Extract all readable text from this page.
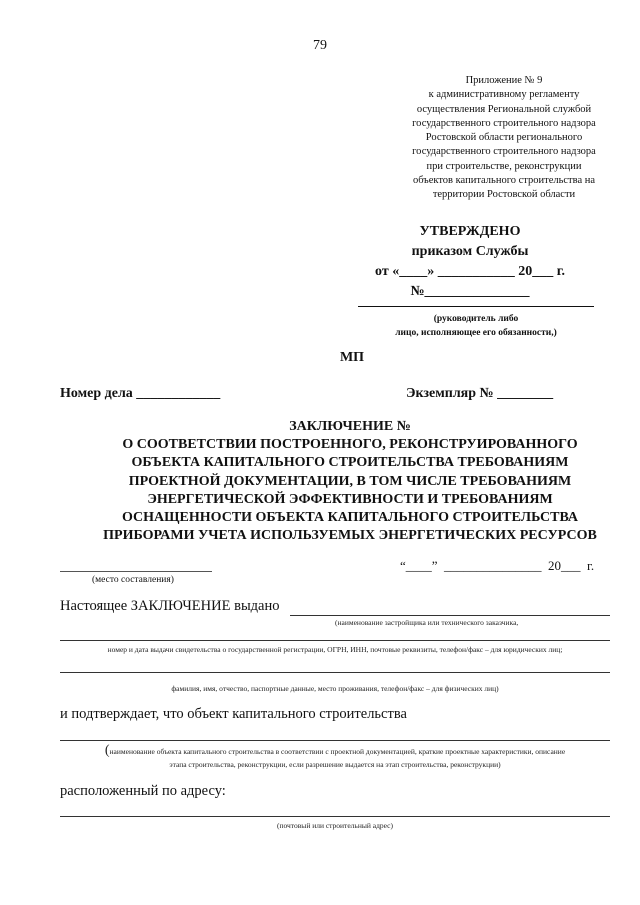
79
Приложение № 9
к административному регламенту
осуществления Региональной службой
государственного строительного надзора
Ростовской области регионального
государственного строительного надзора
при строительстве, реконструкции
объектов капитального строительства на
территории Ростовской области
УТВЕРЖДЕНО
приказом Службы
от «____» ___________ 20___ г.
№_______________
(руководитель либо
лицо, исполняющее его обязанности,)
МП
Номер дела ____________	Экземпляр № ________
ЗАКЛЮЧЕНИЕ №
О СООТВЕТСТВИИ ПОСТРОЕННОГО, РЕКОНСТРУИРОВАННОГО
ОБЪЕКТА КАПИТАЛЬНОГО СТРОИТЕЛЬСТВА ТРЕБОВАНИЯМ
ПРОЕКТНОЙ ДОКУМЕНТАЦИИ, В ТОМ ЧИСЛЕ ТРЕБОВАНИЯМ
ЭНЕРГЕТИЧЕСКОЙ ЭФФЕКТИВНОСТИ И ТРЕБОВАНИЯМ
ОСНАЩЕННОСТИ ОБЪЕКТА КАПИТАЛЬНОГО СТРОИТЕЛЬСТВА
ПРИБОРАМИ УЧЕТА ИСПОЛЬЗУЕМЫХ ЭНЕРГЕТИЧЕСКИХ РЕСУРСОВ
(место составления)
“____”  _______________  20___  г.
Настоящее ЗАКЛЮЧЕНИЕ выдано
(наименование застройщика или технического заказчика,
номер и дата выдачи свидетельства о государственной регистрации, ОГРН, ИНН, почтовые реквизиты, телефон/факс – для юридических лиц;
фамилия, имя, отчество, паспортные данные, место проживания, телефон/факс – для физических лиц)
и подтверждает, что объект капитального строительства
(наименование объекта капитального строительства в соответствии с проектной документацией, краткие проектные характеристики, описание
этапа строительства, реконструкции, если разрешение выдается на этап строительства, реконструкции)
расположенный по адресу:
(почтовый или строительный адрес)
